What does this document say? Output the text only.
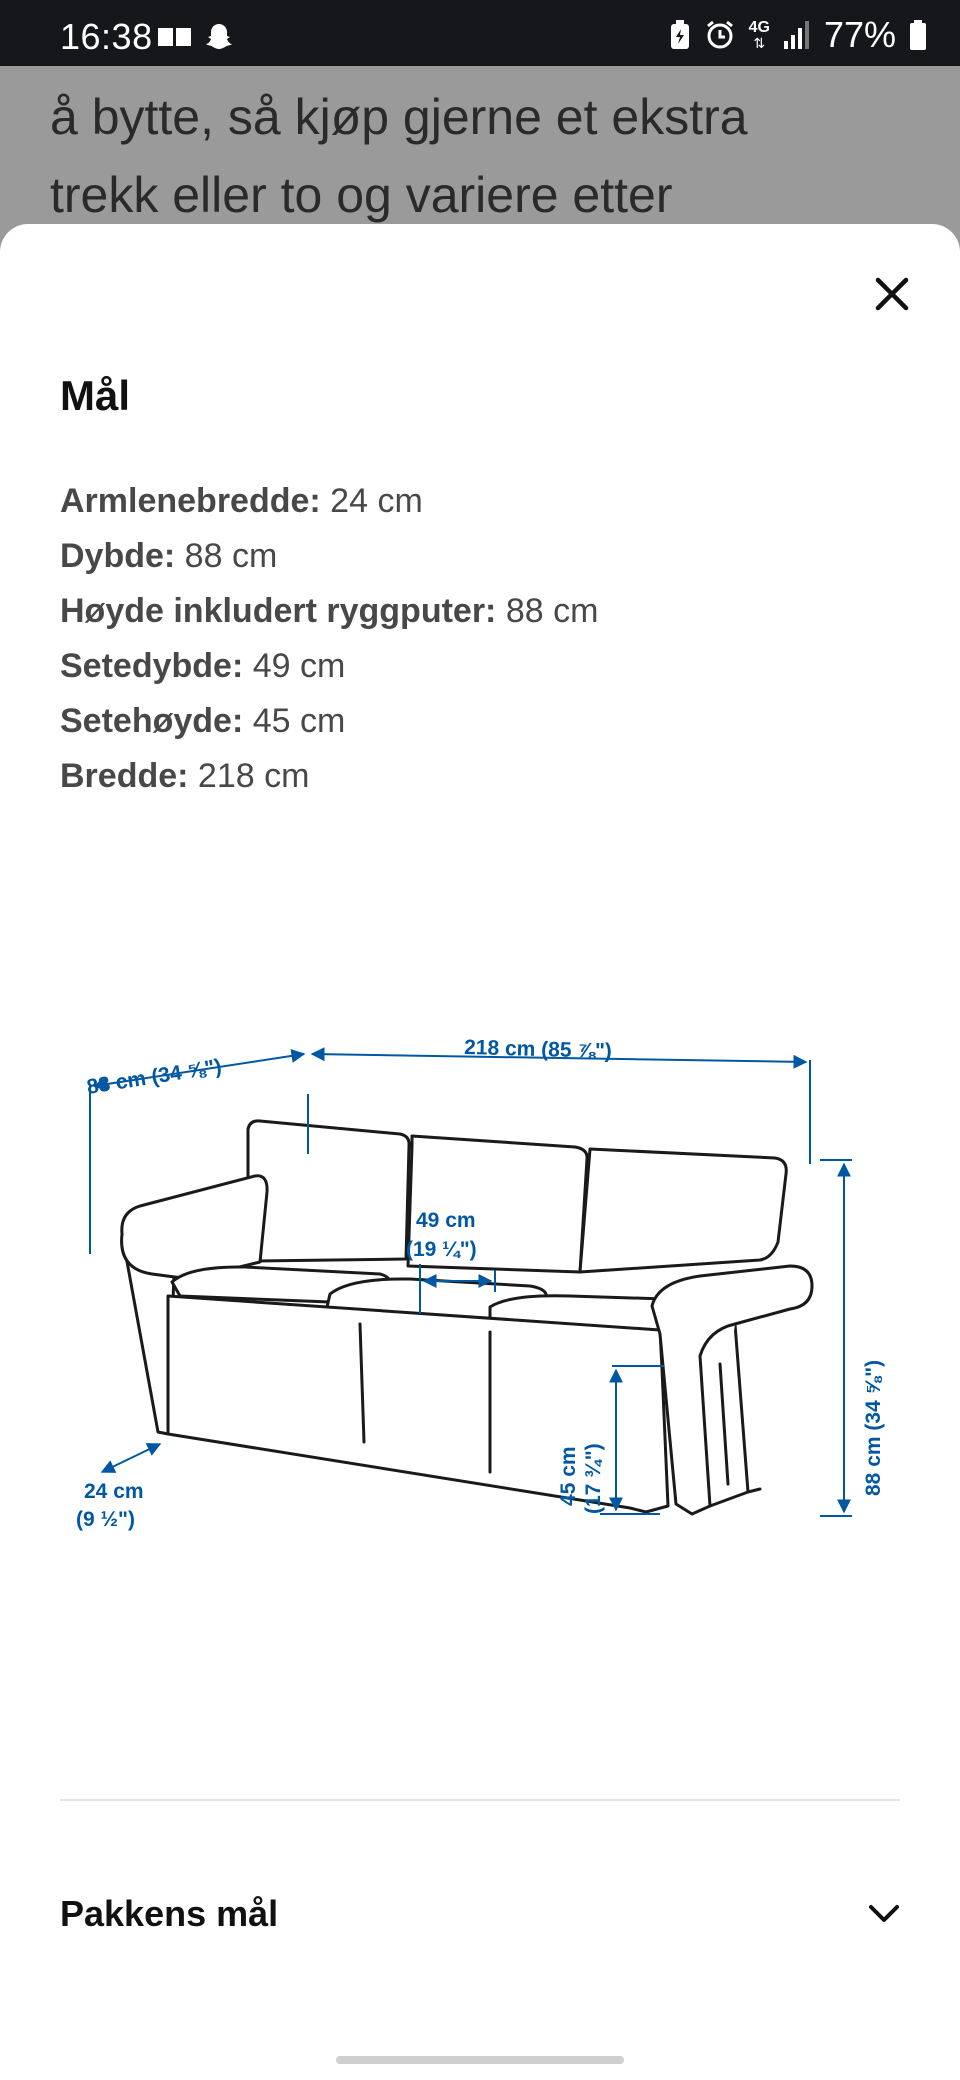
16:38	4G
⇅ 77%
å bytte, så kjøp gjerne et ekstra
trekk eller to og variere etter
Mål
Armlenebredde: 24 cm
Dybde: 88 cm
Høyde inkludert ryggputer: 88 cm
Setedybde: 49 cm
Setehøyde: 45 cm
Bredde: 218 cm
88 cm (34 ⅝")
218 cm (85 ⅞")
49 cm
(19 ¼")
88 cm (34 ⅝")
45 cm (17 ¾")
24 cm
(9 ½")
Pakkens mål
